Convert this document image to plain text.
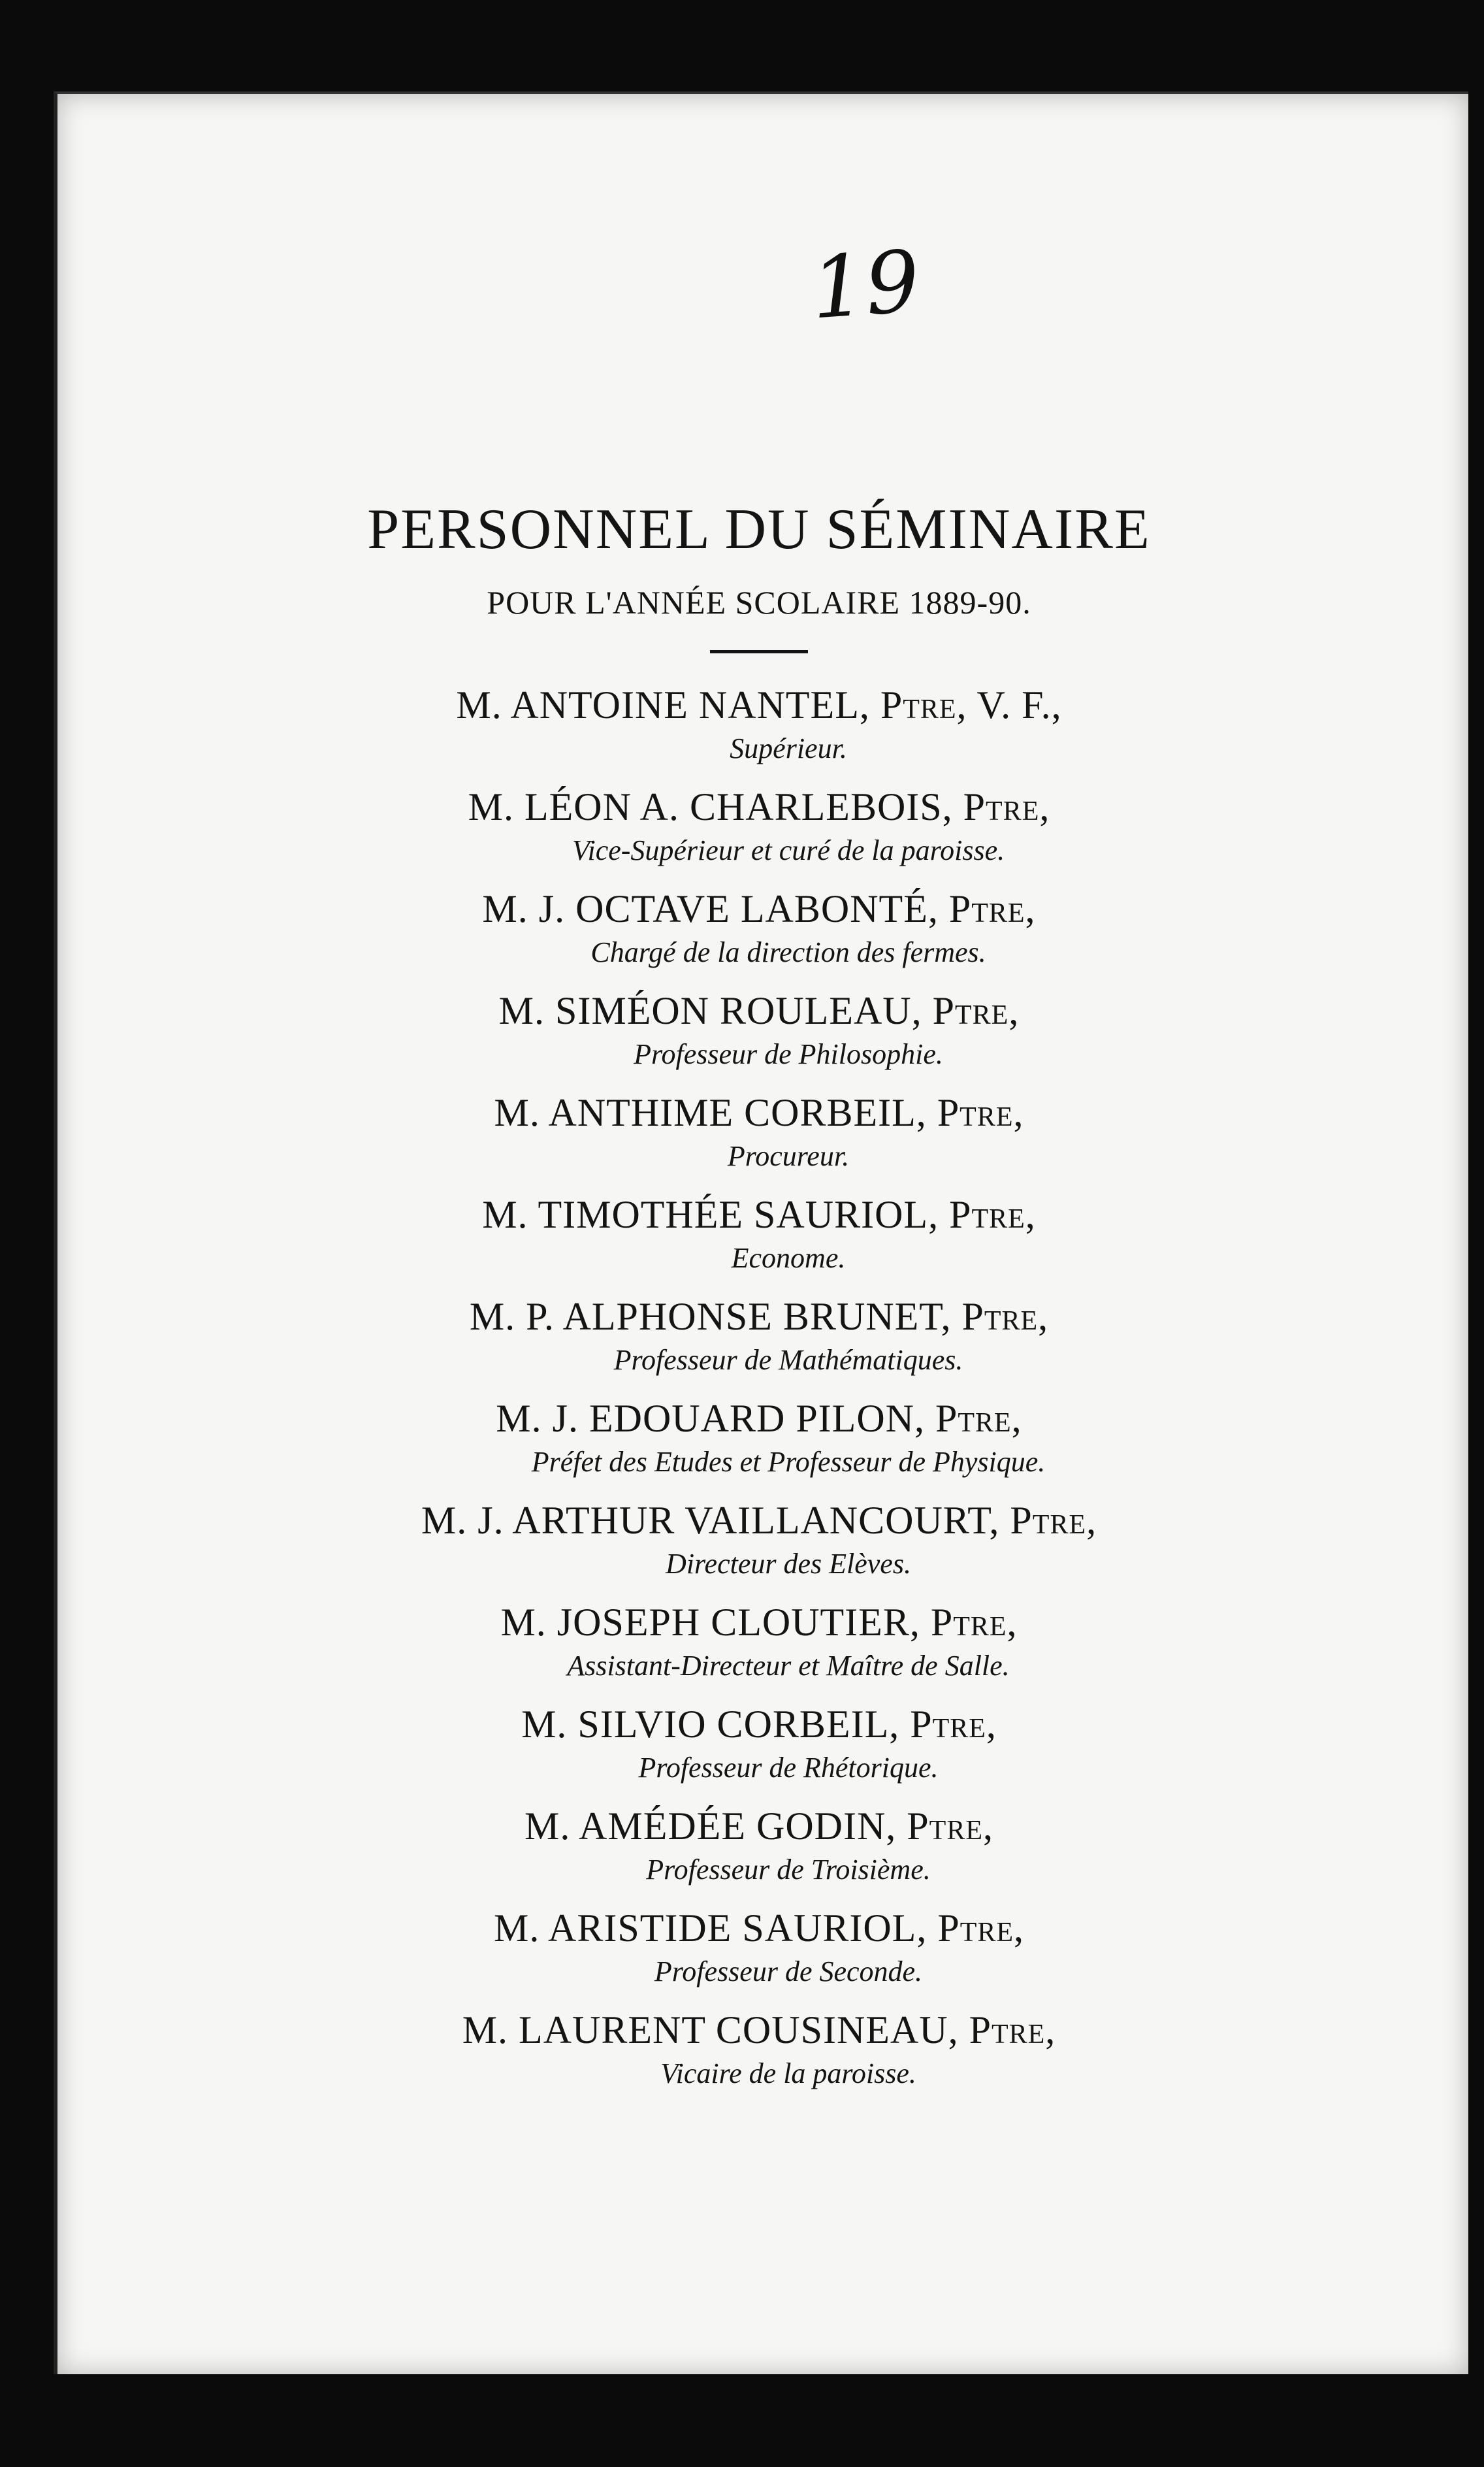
19
PERSONNEL DU SÉMINAIRE
POUR L'ANNÉE SCOLAIRE 1889-90.
M. ANTOINE NANTEL, Ptre, V. F.,
Supérieur.
M. LÉON A. CHARLEBOIS, Ptre,
Vice-Supérieur et curé de la paroisse.
M. J. OCTAVE LABONTÉ, Ptre,
Chargé de la direction des fermes.
M. SIMÉON ROULEAU, Ptre,
Professeur de Philosophie.
M. ANTHIME CORBEIL, Ptre,
Procureur.
M. TIMOTHÉE SAURIOL, Ptre,
Econome.
M. P. ALPHONSE BRUNET, Ptre,
Professeur de Mathématiques.
M. J. EDOUARD PILON, Ptre,
Préfet des Etudes et Professeur de Physique.
M. J. ARTHUR VAILLANCOURT, Ptre,
Directeur des Elèves.
M. JOSEPH CLOUTIER, Ptre,
Assistant-Directeur et Maître de Salle.
M. SILVIO CORBEIL, Ptre,
Professeur de Rhétorique.
M. AMÉDÉE GODIN, Ptre,
Professeur de Troisième.
M. ARISTIDE SAURIOL, Ptre,
Professeur de Seconde.
M. LAURENT COUSINEAU, Ptre,
Vicaire de la paroisse.
